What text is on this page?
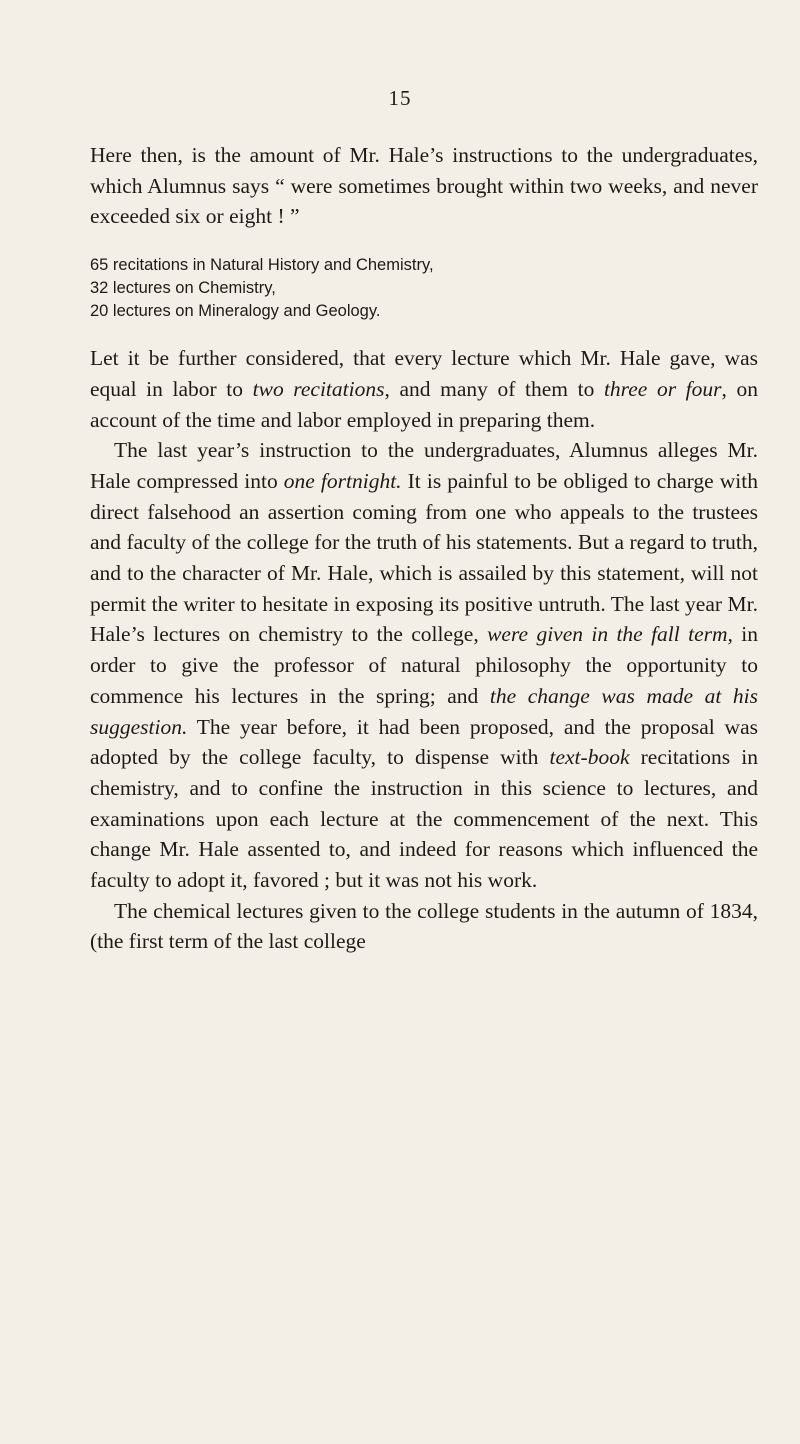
15

Here then, is the amount of Mr. Hale’s instructions to the undergraduates, which Alumnus says “ were sometimes brought within two weeks, and never exceeded six or eight ! ”

65 recitations in Natural History and Chemistry,
32 lectures on Chemistry,
20 lectures on Mineralogy and Geology.

Let it be further considered, that every lecture which Mr. Hale gave, was equal in labor to two recitations, and many of them to three or four, on account of the time and labor employed in preparing them.

The last year’s instruction to the undergraduates, Alumnus alleges Mr. Hale compressed into one fortnight. It is painful to be obliged to charge with direct falsehood an assertion coming from one who appeals to the trustees and faculty of the college for the truth of his statements. But a regard to truth, and to the character of Mr. Hale, which is assailed by this statement, will not permit the writer to hesitate in exposing its positive untruth. The last year Mr. Hale’s lectures on chemistry to the college, were given in the fall term, in order to give the professor of natural philosophy the opportunity to commence his lectures in the spring; and the change was made at his suggestion. The year before, it had been proposed, and the proposal was adopted by the college faculty, to dispense with text-book recitations in chemistry, and to confine the instruction in this science to lectures, and examinations upon each lecture at the commencement of the next. This change Mr. Hale assented to, and indeed for reasons which influenced the faculty to adopt it, favored ; but it was not his work.

The chemical lectures given to the college students in the autumn of 1834, (the first term of the last college
